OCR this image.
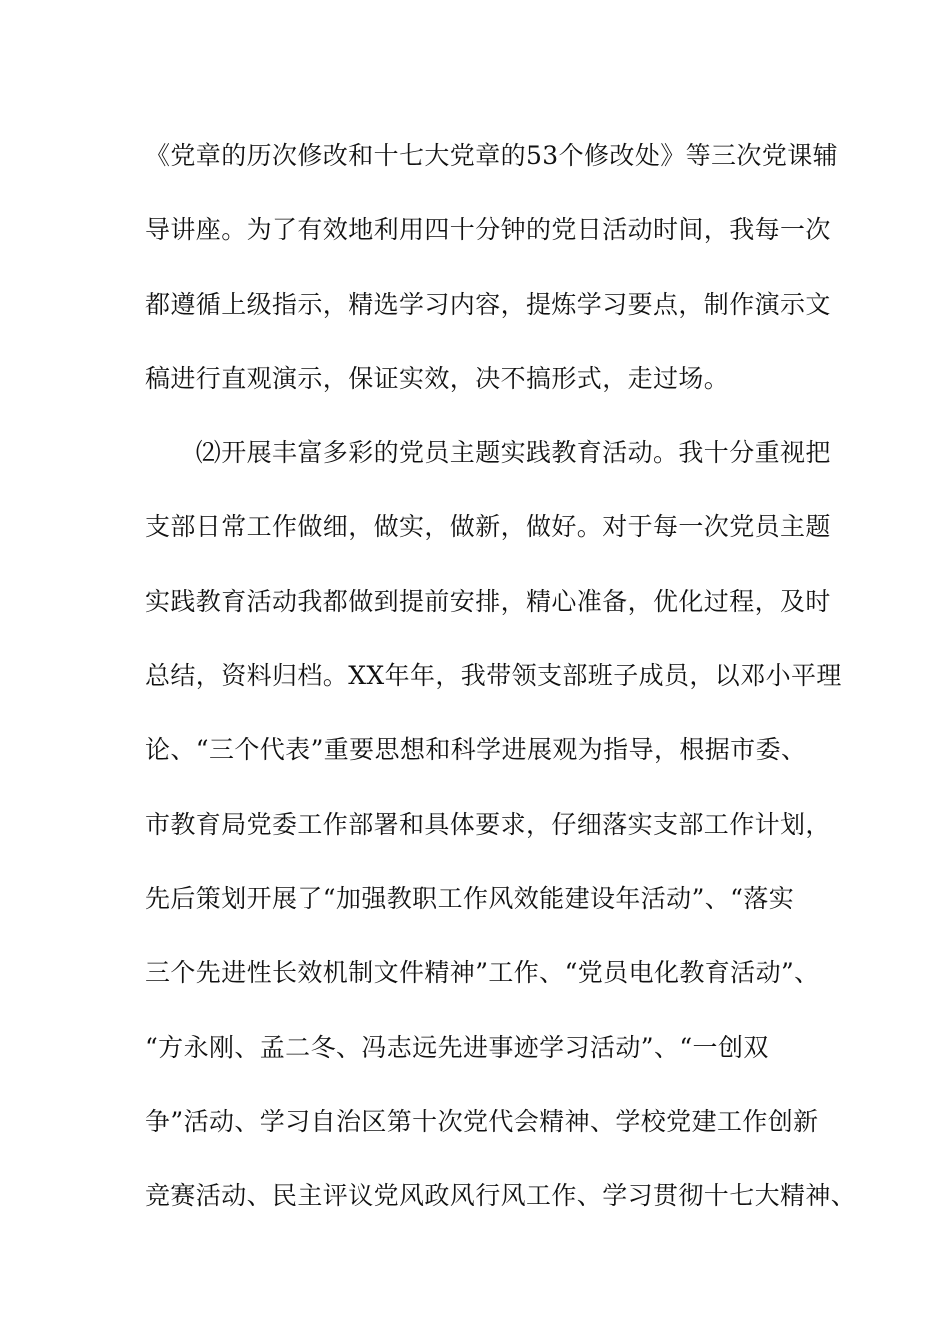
《党章的历次修改和十七大党章的53个修改处》等三次党课辅
导讲座。为了有效地利用四十分钟的党日活动时间，我每一次
都遵循上级指示，精选学习内容，提炼学习要点，制作演示文
稿进行直观演示，保证实效，决不搞形式，走过场。
　　⑵开展丰富多彩的党员主题实践教育活动。我十分重视把
支部日常工作做细，做实，做新，做好。对于每一次党员主题
实践教育活动我都做到提前安排，精心准备，优化过程，及时
总结，资料归档。XX年年，我带领支部班子成员，以邓小平理
论、“三个代表”重要思想和科学进展观为指导，根据市委、
市教育局党委工作部署和具体要求，仔细落实支部工作计划，
先后策划开展了“加强教职工作风效能建设年活动”、“落实
三个先进性长效机制文件精神”工作、“党员电化教育活动”、
“方永刚、孟二冬、冯志远先进事迹学习活动”、“一创双
争”活动、学习自治区第十次党代会精神、学校党建工作创新
竞赛活动、民主评议党风政风行风工作、学习贯彻十七大精神、
